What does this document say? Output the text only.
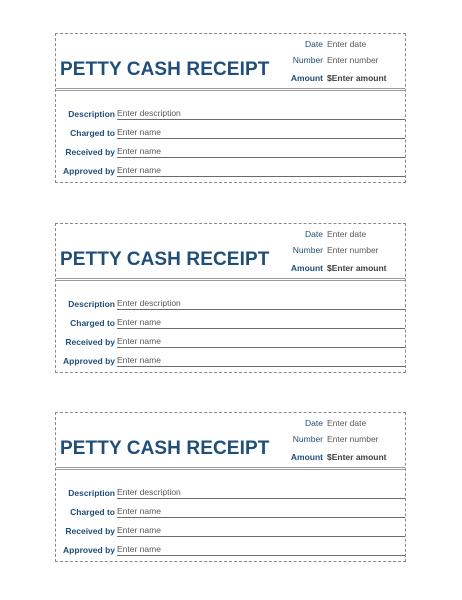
PETTY CASH RECEIPT
Date Enter date
Number Enter number
Amount $Enter amount
Description Enter description
Charged to Enter name
Received by Enter name
Approved by Enter name
PETTY CASH RECEIPT
Date Enter date
Number Enter number
Amount $Enter amount
Description Enter description
Charged to Enter name
Received by Enter name
Approved by Enter name
PETTY CASH RECEIPT
Date Enter date
Number Enter number
Amount $Enter amount
Description Enter description
Charged to Enter name
Received by Enter name
Approved by Enter name
